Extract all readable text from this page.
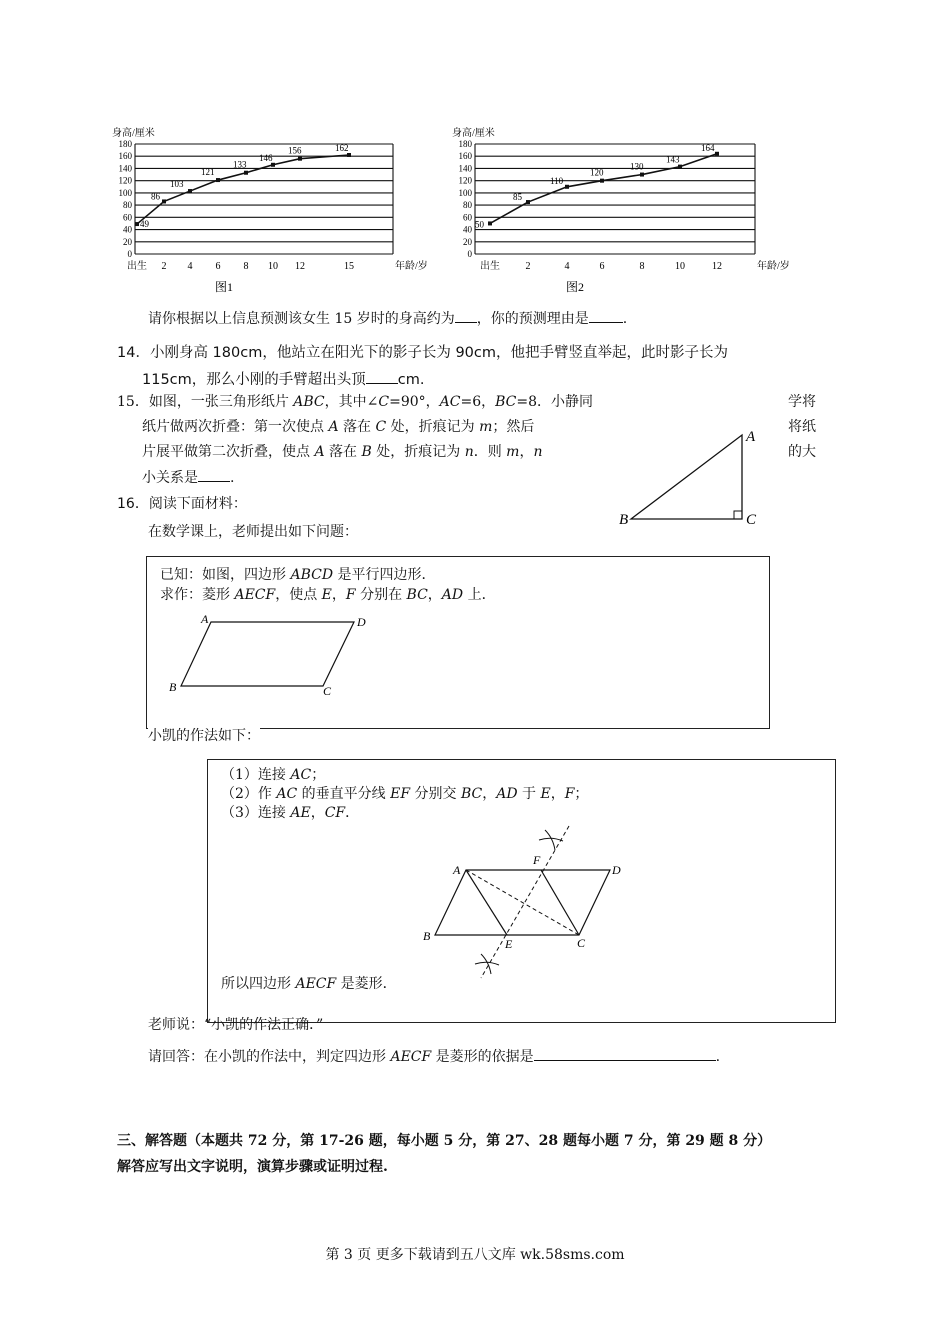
身高/厘米
0
20
40
60
80
100
120
140
160
180
49
86
103
121
133
146
156	162
出生 2 4 6 8 10 12	15	年龄/岁
图1
身高/厘米
0
20
40
60
80
100
120
140
160
180
50
85
110
120
130
143
164
出生	2	4	6	8	10	12	年龄/岁
图2
请你根据以上信息预测该女生 15 岁时的身高约为 ，你的预测理由是 .
14．小刚身高 180cm，他站立在阳光下的影子长为 90cm，他把手臂竖直举起，此时影子长为
115cm，那么小刚的手臂超出头顶 cm.
15．如图，一张三角形纸片 ABC，其中∠C=90°，AC=6，BC=8．小静同	学将
纸片做两次折叠：第一次使点 A 落在 C 处，折痕记为 m；然后	将纸
片展平做第二次折叠，使点 A 落在 B 处，折痕记为 n．则 m，n	的大
小关系是 .
A
B	C
16．阅读下面材料：
在数学课上，老师提出如下问题：
已知：如图，四边形 ABCD 是平行四边形．
求作：菱形 AECF，使点 E，F 分别在 BC，AD 上．
A	D
B	C
小凯的作法如下：
（1）连接 AC；
（2）作 AC 的垂直平分线 EF 分别交 BC，AD 于 E，F；
（3）连接 AE，CF．
A
F
D
B
E	C
所以四边形 AECF 是菱形．
老师说：“小凯的作法正确．”
请回答：在小凯的作法中，判定四边形 AECF 是菱形的依据是	.
三、解答题（本题共 72 分，第 17-26 题，每小题 5 分，第 27、28 题每小题 7 分，第 29 题 8 分）
解答应写出文字说明，演算步骤或证明过程.
第 3 页 更多下载请到五八文库 wk.58sms.com
